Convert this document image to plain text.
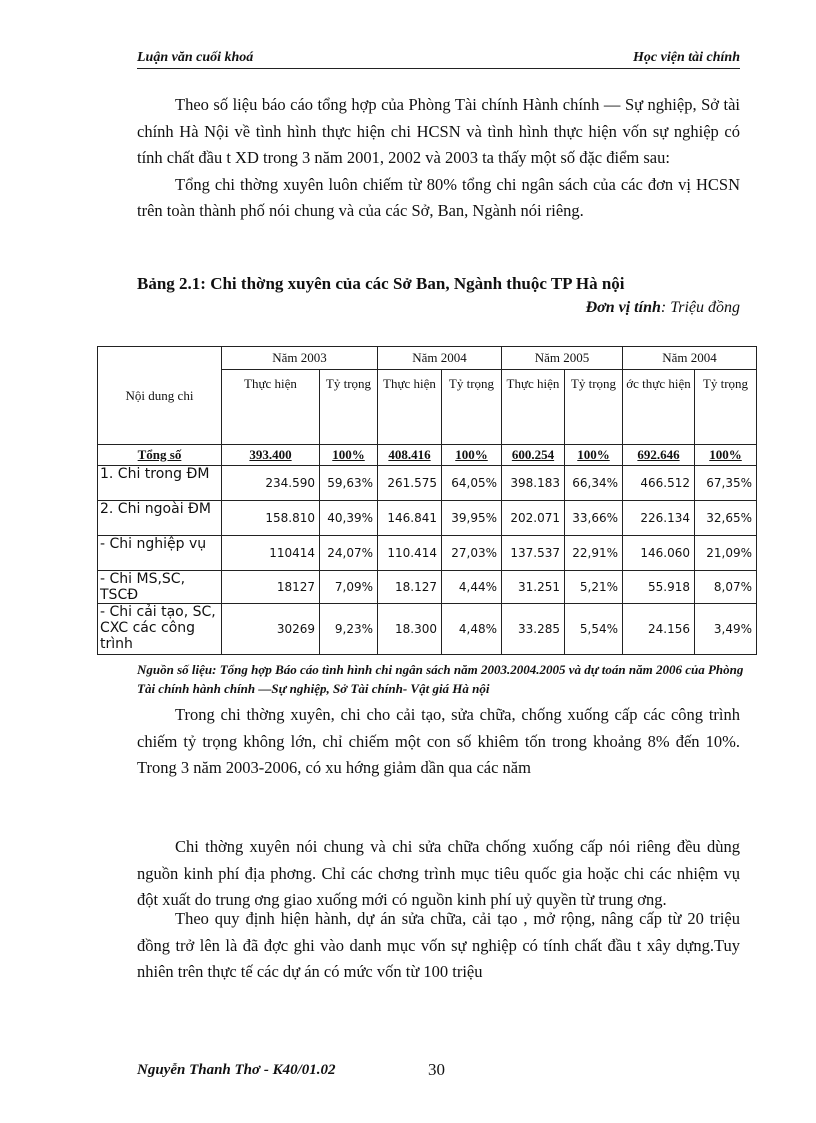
Luận văn cuối khoá	Học viện tài chính

Theo số liệu báo cáo tổng hợp của Phòng Tài chính Hành chính — Sự nghiệp, Sở tài chính Hà Nội về tình hình thực hiện chi HCSN và tình hình thực hiện vốn sự nghiệp có tính chất đầu t XD trong 3 năm 2001, 2002 và 2003 ta thấy một số đặc điểm sau:

Tổng chi thờng xuyên luôn chiếm từ 80% tổng chi ngân sách của các đơn vị HCSN trên toàn thành phố nói chung và của các Sở, Ban, Ngành nói riêng.

Bảng 2.1: Chi thờng xuyên của các Sở Ban, Ngành thuộc TP Hà nội
Đơn vị tính: Triệu đồng
Nội dung chi	Năm 2003		Năm 2004		Năm 2005		Năm 2004	
	Thực hiện	Tỷ trọng	Thực hiện	Tỷ trọng	Thực hiện	Tỷ trọng	ớc thực hiện	Tỷ trọng
Tổng số	393.400	100%	408.416	100%	600.254	100%	692.646	100%
1. Chi trong ĐM	234.590	59,63%	261.575	64,05%	398.183	66,34%	466.512	67,35%
2. Chi ngoài ĐM	158.810	40,39%	146.841	39,95%	202.071	33,66%	226.134	32,65%
- Chi nghiệp vụ	110414	24,07%	110.414	27,03%	137.537	22,91%	146.060	21,09%
- Chi MS,SC, TSCĐ	18127	7,09%	18.127	4,44%	31.251	5,21%	55.918	8,07%
- Chi cải tạo, SC, CXC các công trình	30269	9,23%	18.300	4,48%	33.285	5,54%	24.156	3,49%
Nguồn số liệu: Tổng hợp Báo cáo tình hình chi ngân sách năm 2003.2004.2005 và dự toán năm 2006 của Phòng Tài chính hành chính —Sự nghiệp, Sở Tài chính- Vật giá Hà nội

Trong chi thờng xuyên, chi cho cải tạo, sửa chữa, chống xuống cấp các công trình chiếm tỷ trọng không lớn, chỉ chiếm một con số khiêm tốn trong khoảng 8% đến 10%. Trong 3 năm 2003-2006, có xu hớng giảm dần qua các năm

Chi thờng xuyên nói chung và chi sửa chữa chống xuống cấp nói riêng đều dùng nguồn kinh phí địa phơng. Chỉ các chơng trình mục tiêu quốc gia hoặc chi các nhiệm vụ đột xuất do trung ơng giao xuống mới có nguồn kinh phí uỷ quyền từ trung ơng.

Theo quy định hiện hành, dự án sửa chữa, cải tạo , mở rộng, nâng cấp từ 20 triệu đồng trở lên là đã đợc ghi vào danh mục vốn sự nghiệp có tính chất đầu t xây dựng.Tuy nhiên trên thực tế các dự án có mức vốn từ 100 triệu

Nguyễn Thanh Thơ - K40/01.02	30
